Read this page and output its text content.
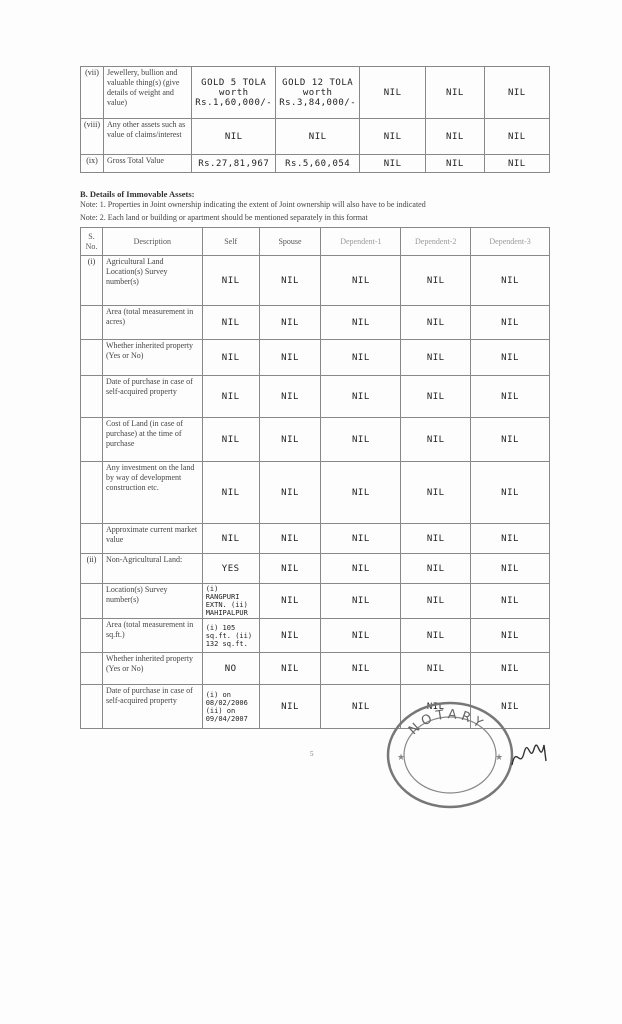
(vii)	Jewellery, bullion and valuable thing(s) (give details of weight and value)	GOLD 5 TOLA worth Rs.1,60,000/-	GOLD 12 TOLA worth Rs.3,84,000/-	NIL	NIL	NIL
(viii)	Any other assets such as value of claims/interest	NIL	NIL	NIL	NIL	NIL
(ix)	Gross Total Value	Rs.27,81,967	Rs.5,60,054	NIL	NIL	NIL
B. Details of Immovable Assets:
Note: 1. Properties in Joint ownership indicating the extent of Joint ownership will also have to be indicated
Note: 2. Each land or building or apartment should be mentioned separately in this format
S. No.	Description	Self	Spouse	Dependent-1	Dependent-2	Dependent-3
(i)	Agricultural Land Location(s) Survey number(s)	NIL	NIL	NIL	NIL	NIL
	Area (total measurement in acres)	NIL	NIL	NIL	NIL	NIL
	Whether inherited property (Yes or No)	NIL	NIL	NIL	NIL	NIL
	Date of purchase in case of self-acquired property	NIL	NIL	NIL	NIL	NIL
	Cost of Land (in case of purchase) at the time of purchase	NIL	NIL	NIL	NIL	NIL
	Any investment on the land by way of development construction etc.	NIL	NIL	NIL	NIL	NIL
	Approximate current market value	NIL	NIL	NIL	NIL	NIL
(ii)	Non-Agricultural Land:	YES	NIL	NIL	NIL	NIL
	Location(s) Survey number(s)	(i) RANGPURI EXTN. (ii) MAHIPALPUR	NIL	NIL	NIL	NIL
	Area (total measurement in sq.ft.)	(i) 105 sq.ft. (ii) 132 sq.ft.	NIL	NIL	NIL	NIL
	Whether inherited property (Yes or No)	NO	NIL	NIL	NIL	NIL
	Date of purchase in case of self-acquired property	(i) on 08/02/2006 (ii) on 09/04/2007	NIL	NIL	NIL	NIL
5
NOTARY
★	★
